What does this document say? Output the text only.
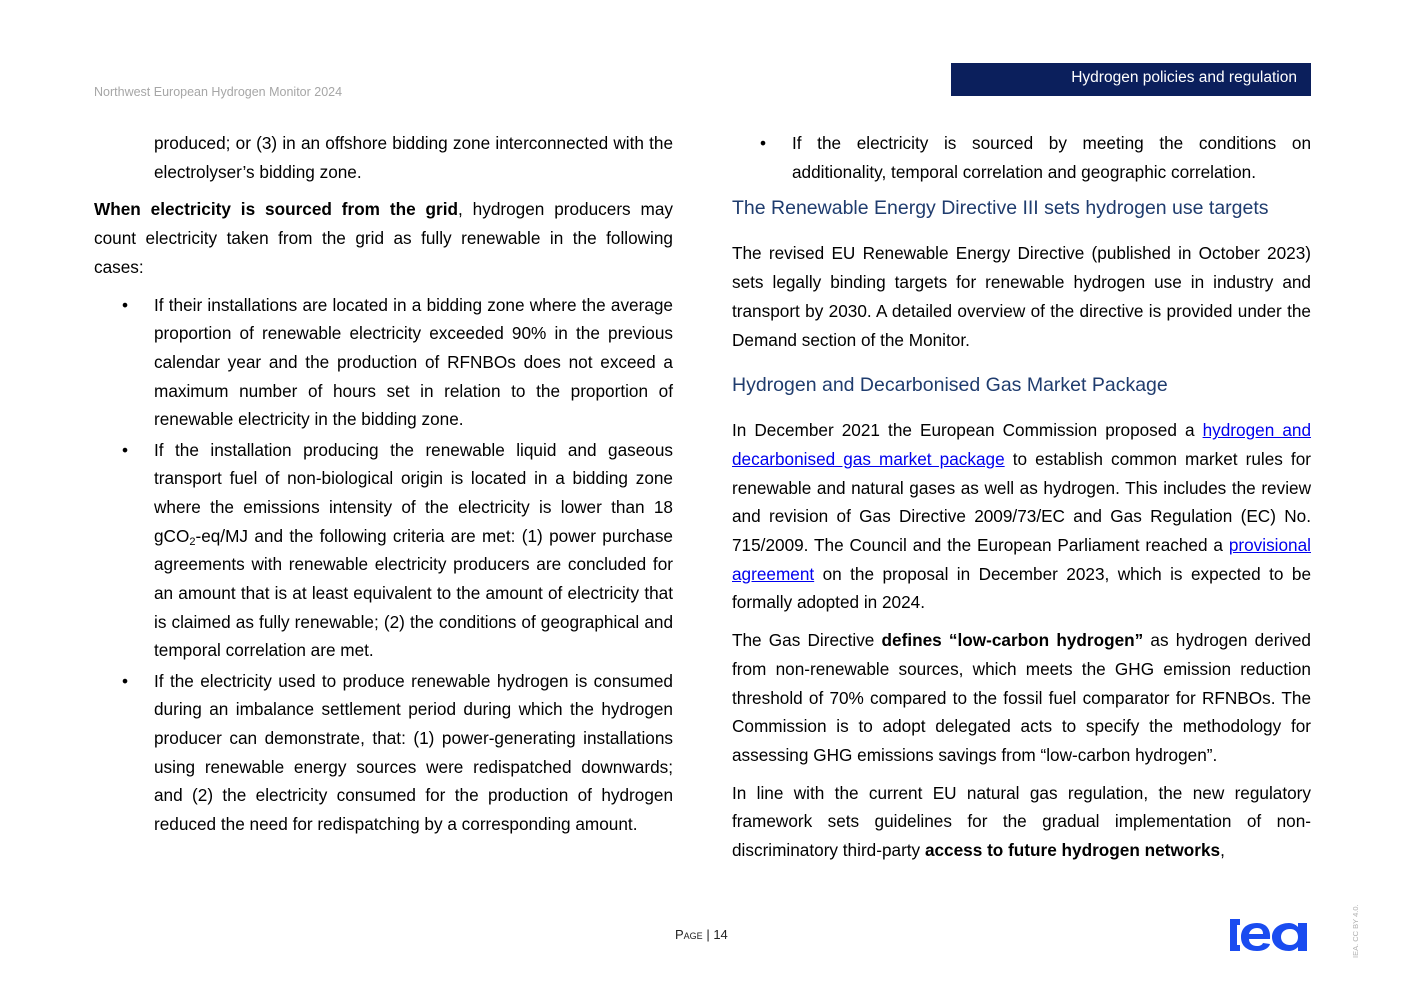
Northwest European Hydrogen Monitor 2024
Hydrogen policies and regulation

produced; or (3) in an offshore bidding zone interconnected with the electrolyser’s bidding zone.

When electricity is sourced from the grid, hydrogen producers may count electricity taken from the grid as fully renewable in the following cases:

• If their installations are located in a bidding zone where the average proportion of renewable electricity exceeded 90% in the previous calendar year and the production of RFNBOs does not exceed a maximum number of hours set in relation to the proportion of renewable electricity in the bidding zone.
• If the installation producing the renewable liquid and gaseous transport fuel of non-biological origin is located in a bidding zone where the emissions intensity of the electricity is lower than 18 gCO$_2$-eq/MJ and the following criteria are met: (1) power purchase agreements with renewable electricity producers are concluded for an amount that is at least equivalent to the amount of electricity that is claimed as fully renewable; (2) the conditions of geographical and temporal correlation are met.
• If the electricity used to produce renewable hydrogen is consumed during an imbalance settlement period during which the hydrogen producer can demonstrate, that: (1) power-generating installations using renewable energy sources were redispatched downwards; and (2) the electricity consumed for the production of hydrogen reduced the need for redispatching by a corresponding amount.
• If the electricity is sourced by meeting the conditions on additionality, temporal correlation and geographic correlation.
The Renewable Energy Directive III sets hydrogen use targets

The revised EU Renewable Energy Directive (published in October 2023) sets legally binding targets for renewable hydrogen use in industry and transport by 2030. A detailed overview of the directive is provided under the Demand section of the Monitor.

Hydrogen and Decarbonised Gas Market Package

In December 2021 the European Commission proposed a hydrogen and decarbonised gas market package to establish common market rules for renewable and natural gases as well as hydrogen. This includes the review and revision of Gas Directive 2009/73/EC and Gas Regulation (EC) No. 715/2009. The Council and the European Parliament reached a provisional agreement on the proposal in December 2023, which is expected to be formally adopted in 2024.

The Gas Directive defines “low-carbon hydrogen” as hydrogen derived from non-renewable sources, which meets the GHG emission reduction threshold of 70% compared to the fossil fuel comparator for RFNBOs. The Commission is to adopt delegated acts to specify the methodology for assessing GHG emissions savings from “low-carbon hydrogen”.

In line with the current EU natural gas regulation, the new regulatory framework sets guidelines for the gradual implementation of non-discriminatory third-party access to future hydrogen networks,

Page | 14	IEA. CC BY 4.0.
